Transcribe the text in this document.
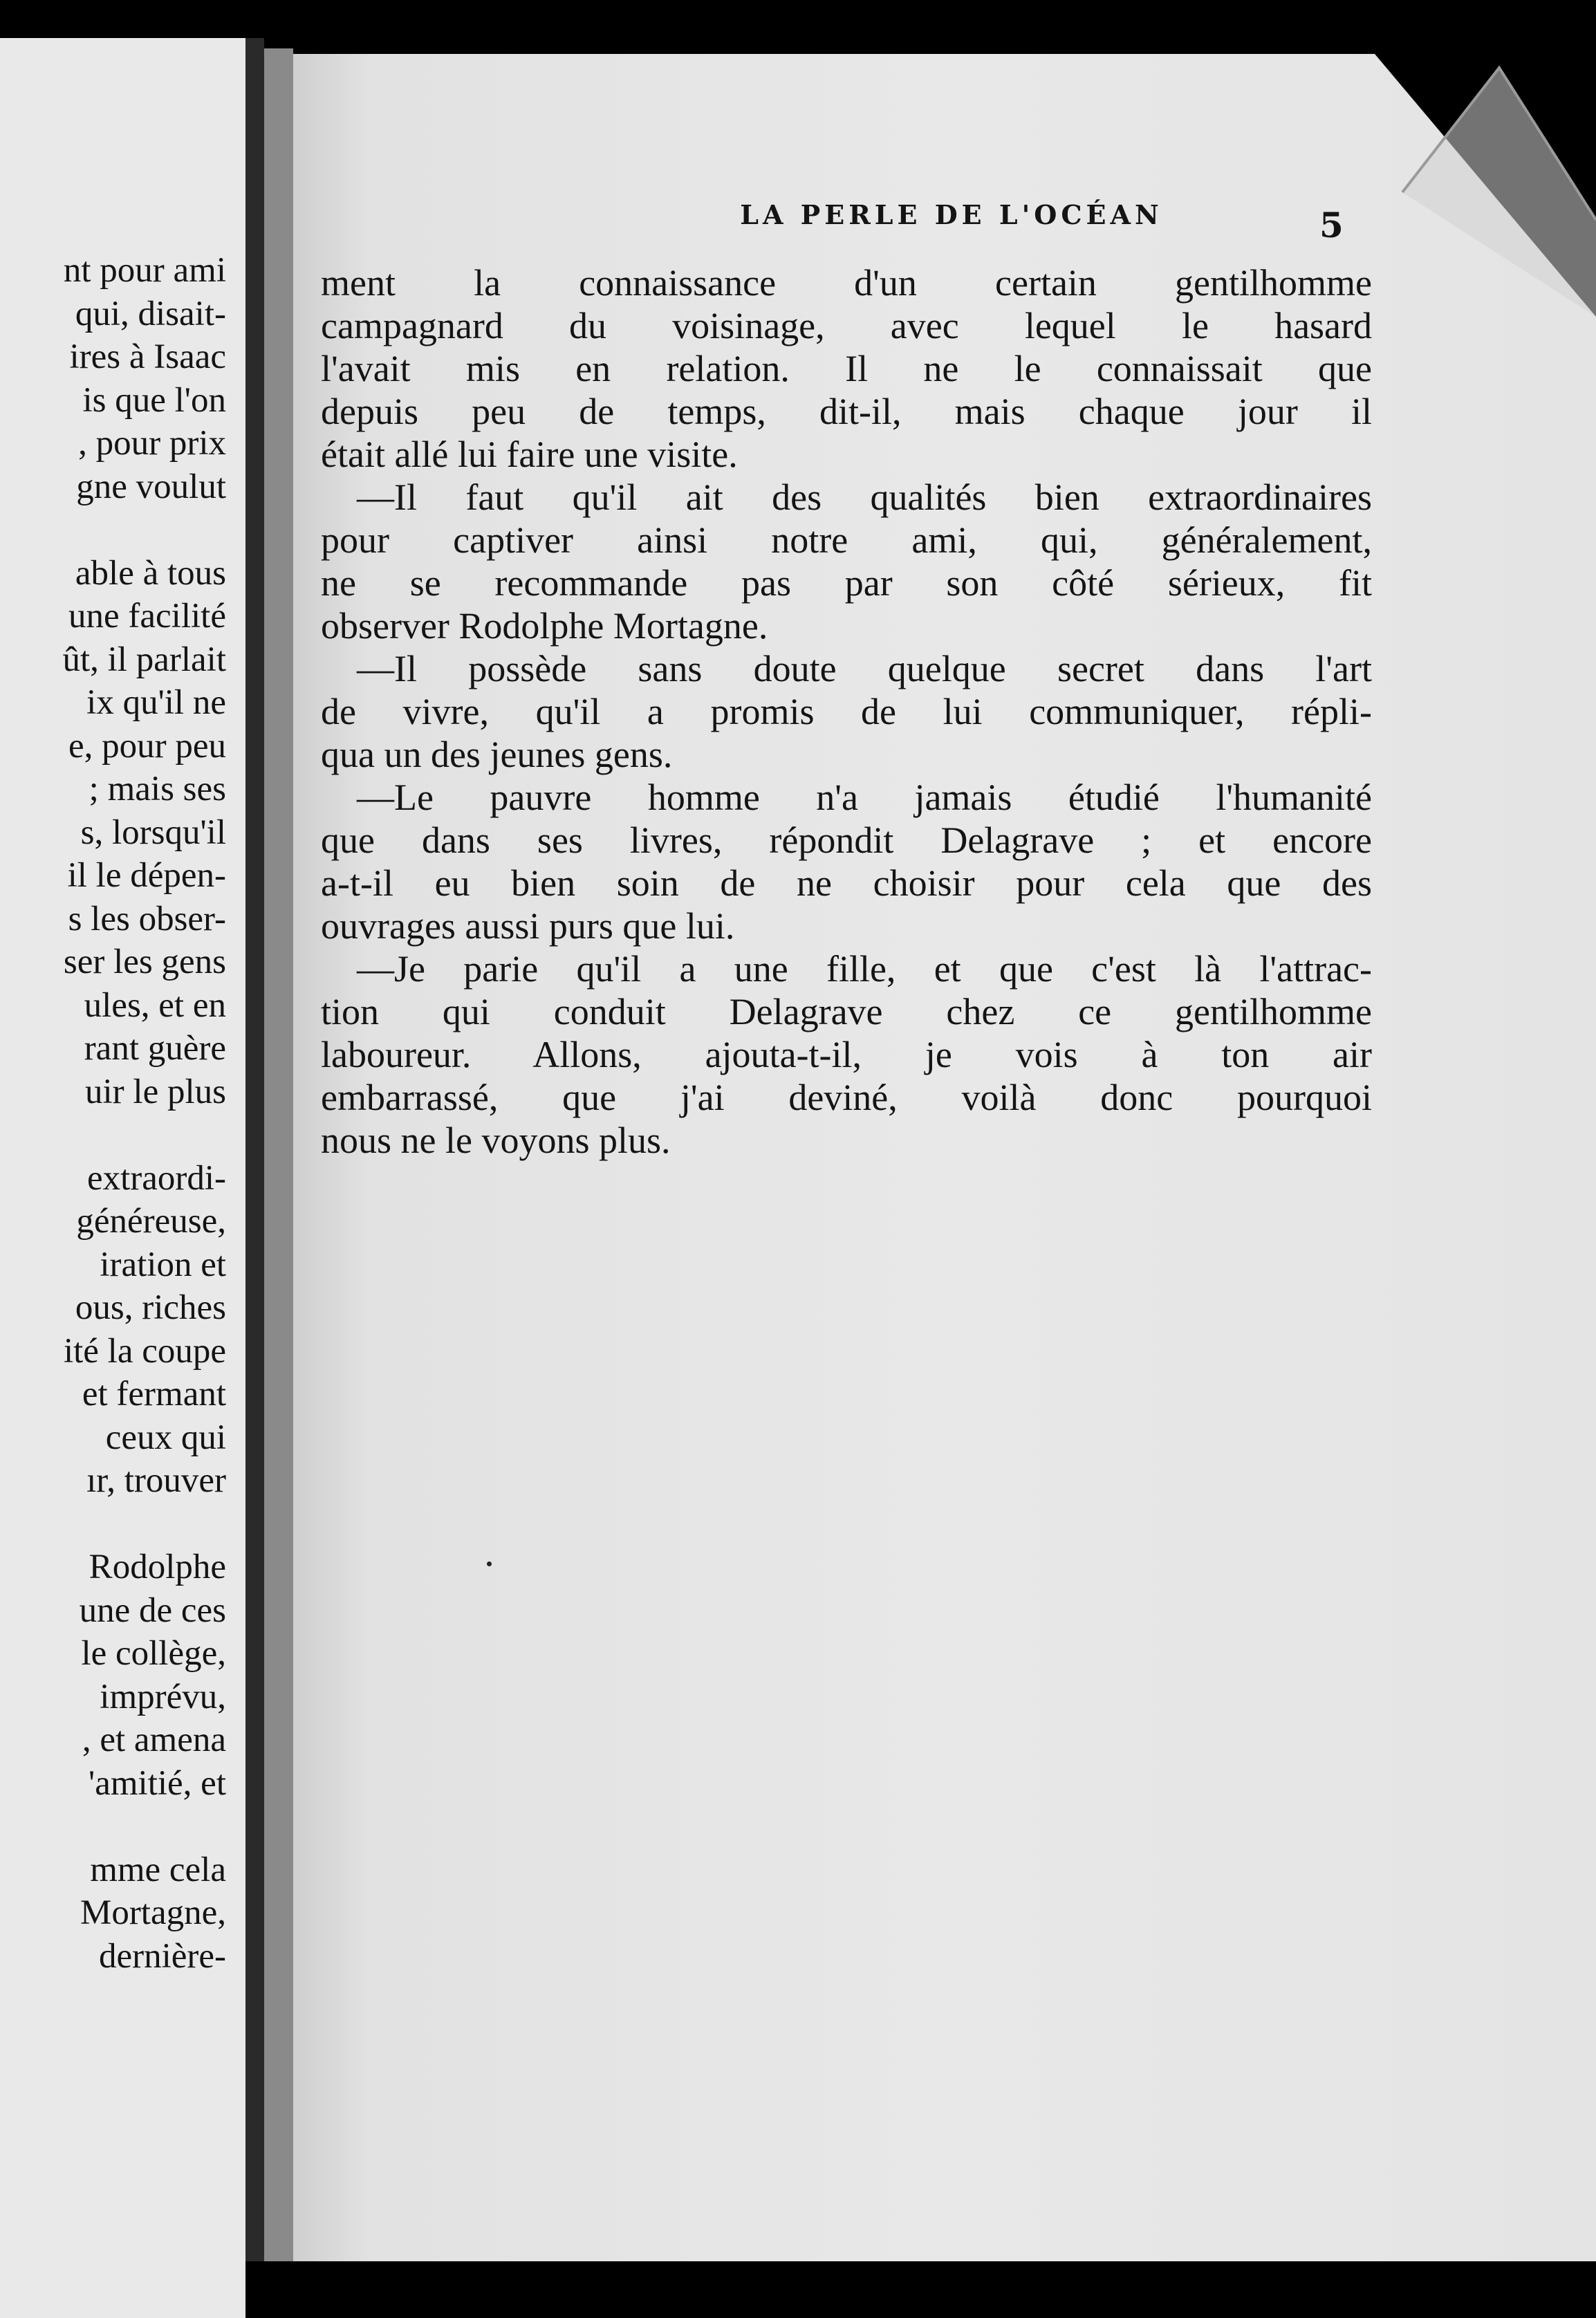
nt pour ami
qui, disait-
ires à Isaac
is que l'on
, pour prix
gne voulut
able à tous
une facilité
ût, il parlait
ix qu'il ne
e, pour peu
; mais ses
s, lorsqu'il
il le dépen-
s les obser-
ser les gens
ules, et en
rant guère
uir le plus
extraordi-
généreuse,
iration et
ous, riches
ité la coupe
et fermant
ceux qui
ır, trouver
Rodolphe
une de ces
le collège,
imprévu,
, et amena
'amitié, et
mme cela
Mortagne,
dernière-
LA PERLE DE L'OCÉAN	5
ment la connaissance d'un certain gentilhomme
campagnard du voisinage, avec lequel le hasard
l'avait mis en relation. Il ne le connaissait que
depuis peu de temps, dit-il, mais chaque jour il
était allé lui faire une visite.
—Il faut qu'il ait des qualités bien extraordinaires
pour captiver ainsi notre ami, qui, généralement,
ne se recommande pas par son côté sérieux, fit
observer Rodolphe Mortagne.
—Il possède sans doute quelque secret dans l'art
de vivre, qu'il a promis de lui communiquer, répli-
qua un des jeunes gens.
—Le pauvre homme n'a jamais étudié l'humanité
que dans ses livres, répondit Delagrave ; et encore
a-t-il eu bien soin de ne choisir pour cela que des
ouvrages aussi purs que lui.
—Je parie qu'il a une fille, et que c'est là l'attrac-
tion qui conduit Delagrave chez ce gentilhomme
laboureur. Allons, ajouta-t-il, je vois à ton air
embarrassé, que j'ai deviné, voilà donc pourquoi
nous ne le voyons plus.
